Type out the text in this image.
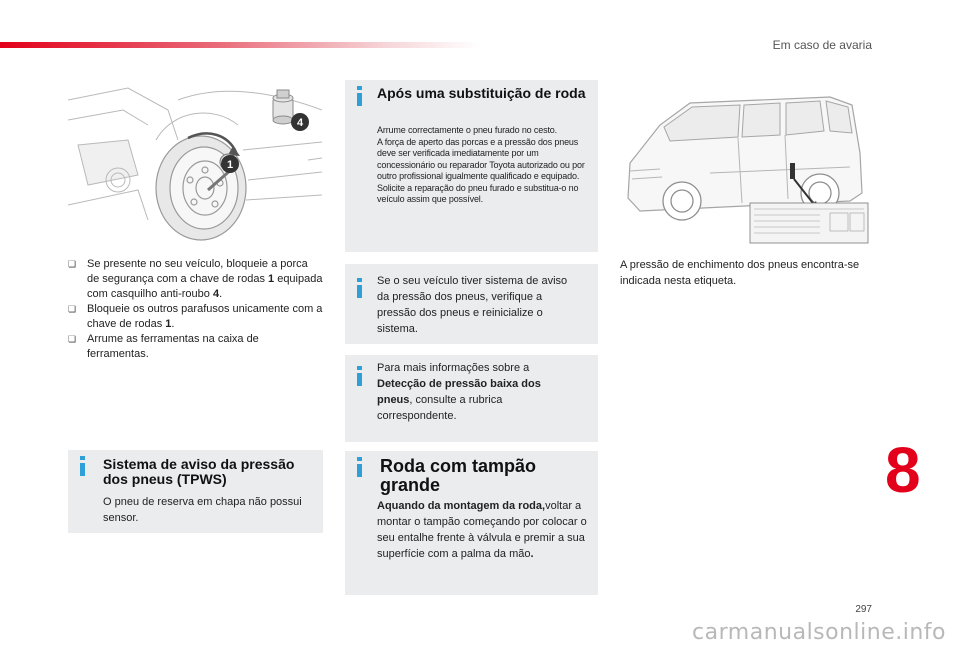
Em caso de avaria
4
1
❏ Se presente no seu veículo, bloqueie a porca de segurança com a chave de rodas 1 equipada com casquilho anti-roubo 4.
❏ Bloqueie os outros parafusos unicamente com a chave de rodas 1.
❏ Arrume as ferramentas na caixa de ferramentas.
Sistema de aviso da pressão dos pneus (TPWS)

O pneu de reserva em chapa não possui sensor.

Após uma substituição de roda

Arrume correctamente o pneu furado no cesto.

A força de aperto das porcas e a pressão dos pneus deve ser verificada imediatamente por um concessionário ou reparador Toyota autorizado ou por outro profissional igualmente qualificado e equipado.

Solicite a reparação do pneu furado e substitua-o no veículo assim que possível.

Se o seu veículo tiver sistema de aviso da pressão dos pneus, verifique a pressão dos pneus e reinicialize o sistema.

Para mais informações sobre a Detecção de pressão baixa dos pneus, consulte a rubrica correspondente.

Roda com tampão grande

Aquando da montagem da roda,voltar a montar o tampão começando por colocar o seu entalhe frente à válvula e premir a sua superfície com a palma da mão.

A pressão de enchimento dos pneus encontra-se indicada nesta etiqueta.
8
297
carmanualsonline.info
